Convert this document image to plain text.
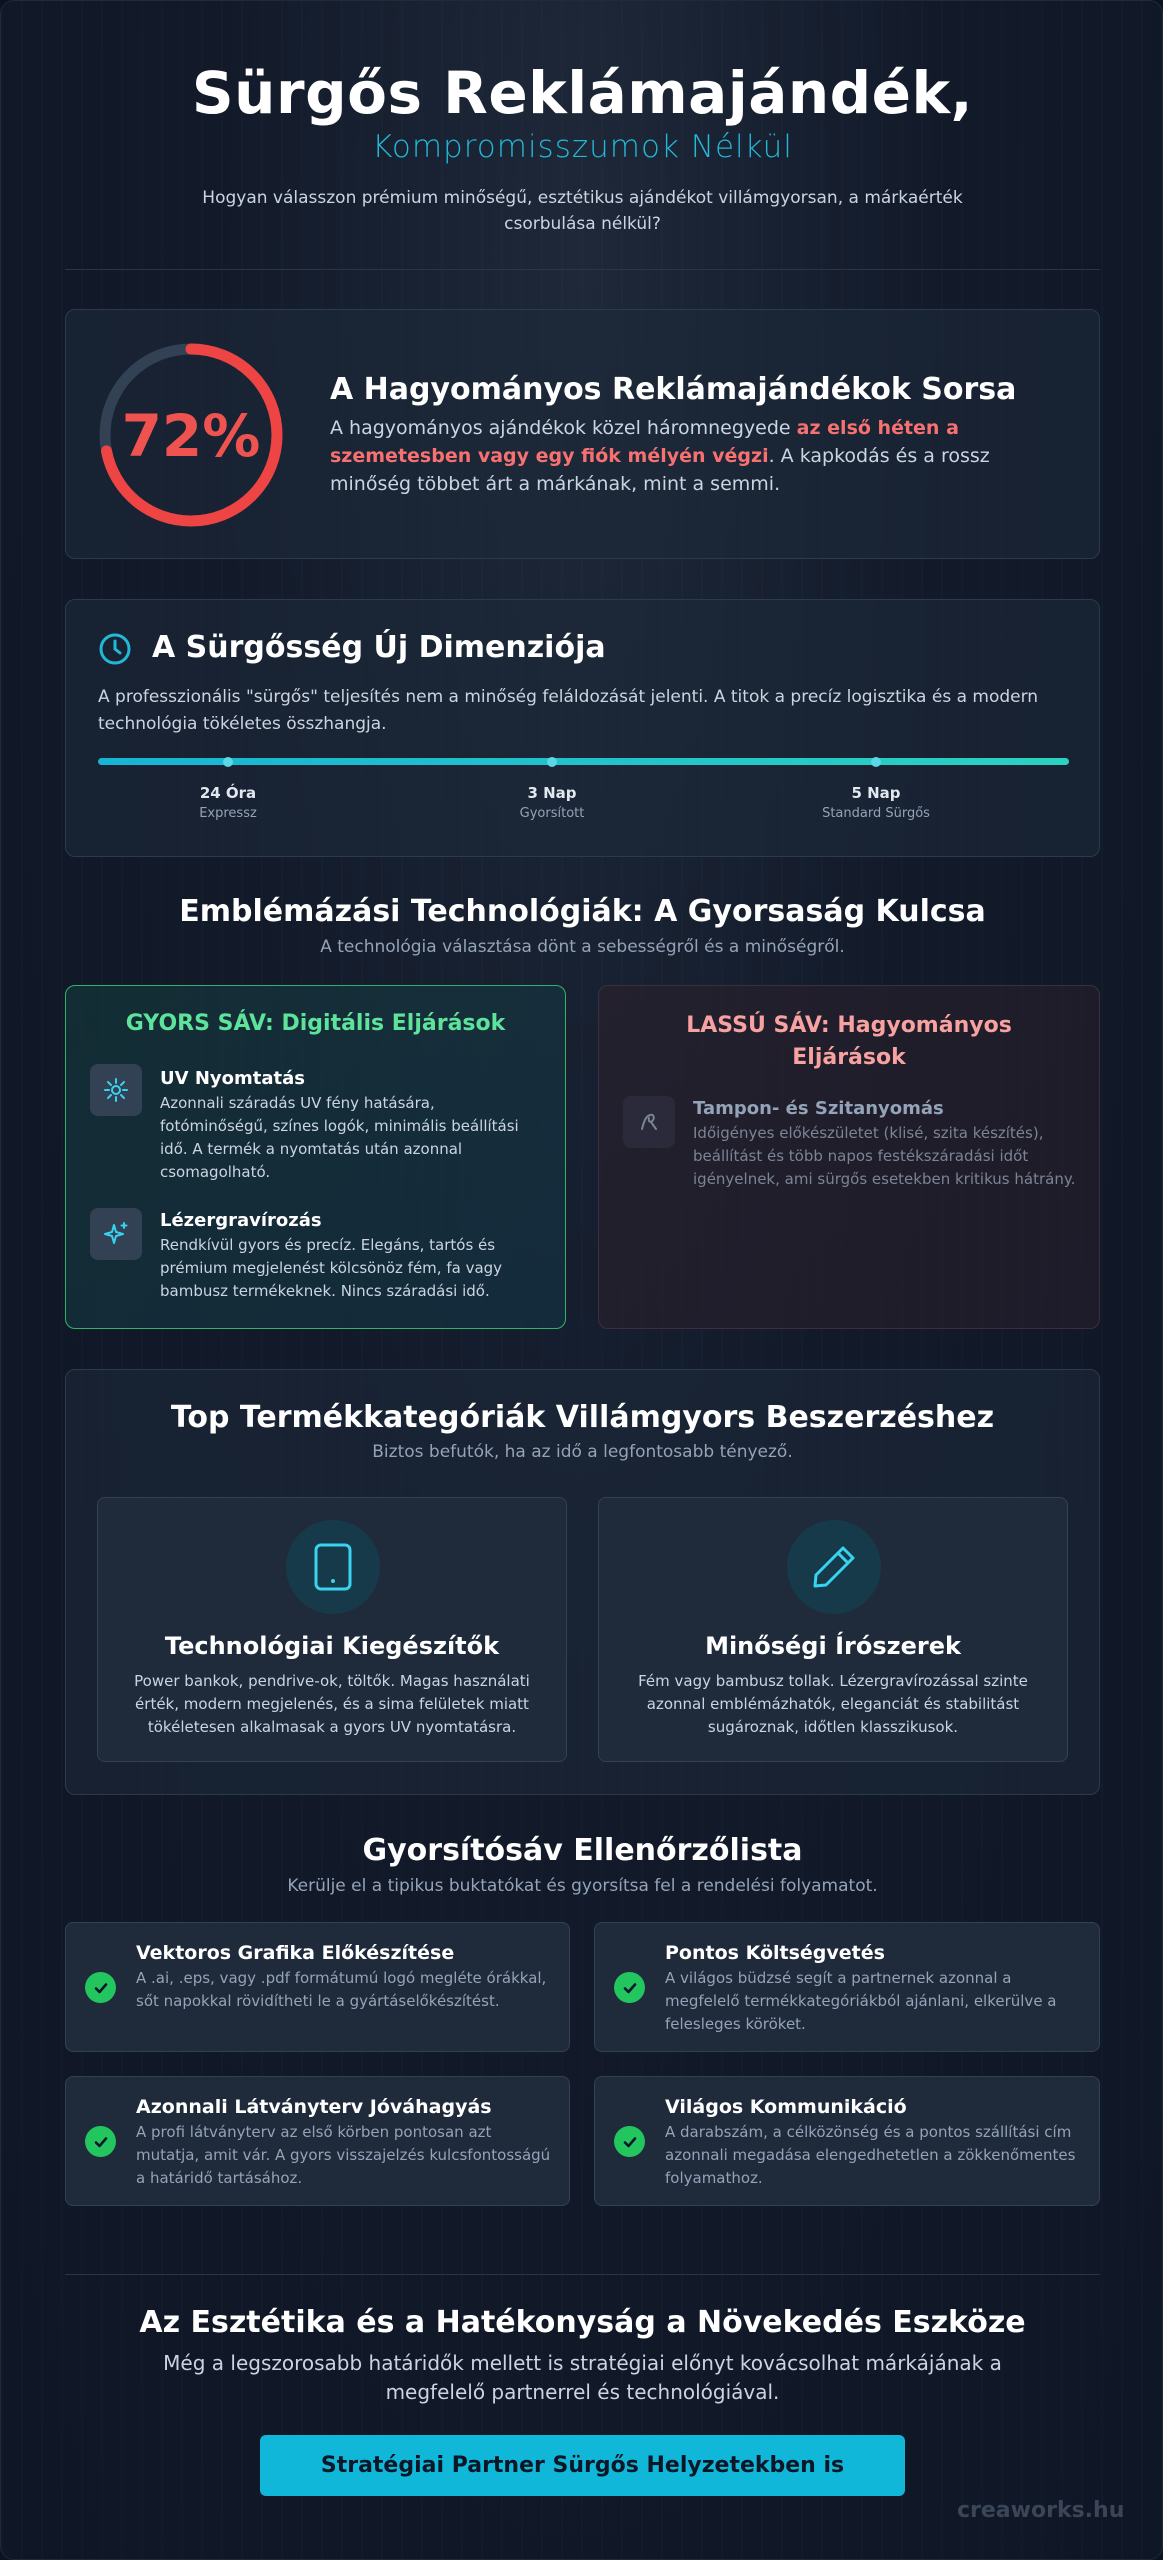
Sürgős Reklámajándék,
Kompromisszumok Nélkül
Hogyan válasszon prémium minőségű, esztétikus ajándékot villámgyorsan, a márkaérték csorbulása nélkül?
72%
A Hagyományos Reklámajándékok Sorsa
A hagyományos ajándékok közel háromnegyede az első héten a szemetesben vagy egy fiók mélyén végzi. A kapkodás és a rossz minőség többet árt a márkának, mint a semmi.
A Sürgősség Új Dimenziója
A professzionális "sürgős" teljesítés nem a minőség feláldozását jelenti. A titok a precíz logisztika és a modern technológia tökéletes összhangja.
24 Óra
Expressz
3 Nap
Gyorsított
5 Nap
Standard Sürgős
Emblémázási Technológiák: A Gyorsaság Kulcsa
A technológia választása dönt a sebességről és a minőségről.
GYORS SÁV: Digitális Eljárások
UV Nyomtatás
Azonnali száradás UV fény hatására, fotóminőségű, színes logók, minimális beállítási idő. A termék a nyomtatás után azonnal csomagolható.
Lézergravírozás
Rendkívül gyors és precíz. Elegáns, tartós és prémium megjelenést kölcsönöz fém, fa vagy bambusz termékeknek. Nincs száradási idő.
LASSÚ SÁV: Hagyományos Eljárások
Tampon- és Szitanyomás
Időigényes előkészületet (klisé, szita készítés), beállítást és több napos festékszáradási időt igényelnek, ami sürgős esetekben kritikus hátrány.
Top Termékkategóriák Villámgyors Beszerzéshez
Biztos befutók, ha az idő a legfontosabb tényező.
Technológiai Kiegészítők
Power bankok, pendrive-ok, töltők. Magas használati érték, modern megjelenés, és a sima felületek miatt tökéletesen alkalmasak a gyors UV nyomtatásra.
Minőségi Írószerek
Fém vagy bambusz tollak. Lézergravírozással szinte azonnal emblémázhatók, eleganciát és stabilitást sugároznak, időtlen klasszikusok.
Gyorsítósáv Ellenőrzőlista
Kerülje el a tipikus buktatókat és gyorsítsa fel a rendelési folyamatot.
Vektoros Grafika Előkészítése
A .ai, .eps, vagy .pdf formátumú logó megléte órákkal, sőt napokkal rövidítheti le a gyártáselőkészítést.
Pontos Költségvetés
A világos büdzsé segít a partnernek azonnal a megfelelő termékkategóriákból ajánlani, elkerülve a felesleges köröket.
Azonnali Látványterv Jóváhagyás
A profi látványterv az első körben pontosan azt mutatja, amit vár. A gyors visszajelzés kulcsfontosságú a határidő tartásához.
Világos Kommunikáció
A darabszám, a célközönség és a pontos szállítási cím azonnali megadása elengedhetetlen a zökkenőmentes folyamathoz.
Az Esztétika és a Hatékonyság a Növekedés Eszköze
Még a legszorosabb határidők mellett is stratégiai előnyt kovácsolhat márkájának a megfelelő partnerrel és technológiával.
Stratégiai Partner Sürgős Helyzetekben is
creaworks.hu
